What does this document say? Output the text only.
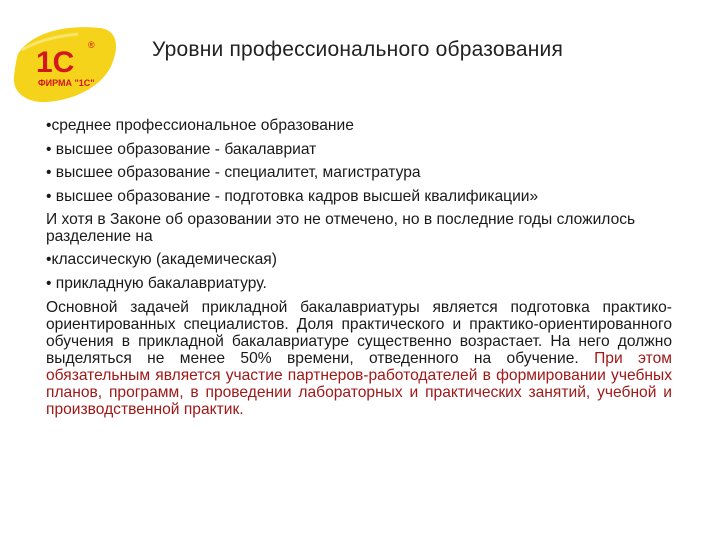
1С
®
ФИРМА "1С"
Уровни профессионального образования
•среднее профессиональное образование
• высшее образование - бакалавриат
• высшее образование - специалитет, магистратура
• высшее образование - подготовка кадров высшей квалификации»
И хотя в Законе об оразовании это не отмечено, но в последние годы сложилось разделение на
•классическую (академическая)
• прикладную бакалавриатуру.
Основной задачей прикладной бакалавриатуры является подготовка практико-ориентированных специалистов. Доля практического и практико-ориентированного обучения в прикладной бакалавриатуре существенно возрастает. На него должно выделяться не менее 50% времени, отведенного на обучение. При этом обязательным является участие партнеров-работодателей в формировании учебных планов, программ, в проведении лабораторных и практических занятий, учебной и производственной практик.
